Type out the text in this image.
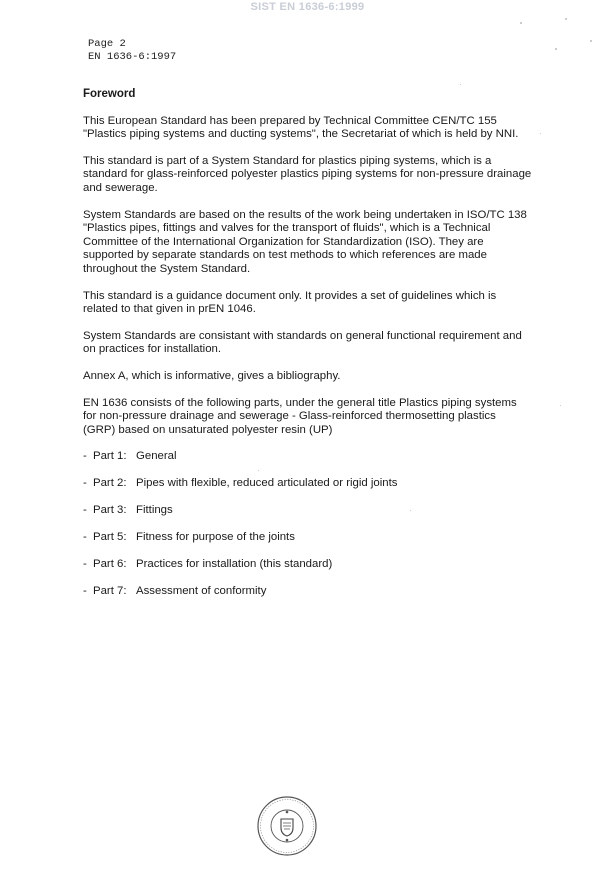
SIST EN 1636-6:1999
Page 2
EN 1636-6:1997
Foreword

This European Standard has been prepared by Technical Committee CEN/TC 155 "Plastics piping systems and ducting systems", the Secretariat of which is held by NNI.

This standard is part of a System Standard for plastics piping systems, which is a standard for glass-reinforced polyester plastics piping systems for non-pressure drainage and sewerage.

System Standards are based on the results of the work being undertaken in ISO/TC 138 "Plastics pipes, fittings and valves for the transport of fluids", which is a Technical Committee of the International Organization for Standardization (ISO). They are supported by separate standards on test methods to which references are made throughout the System Standard.

This standard is a guidance document only. It provides a set of guidelines which is related to that given in prEN 1046.

System Standards are consistant with standards on general functional requirement and on practices for installation.

Annex A, which is informative, gives a bibliography.

EN 1636 consists of the following parts, under the general title Plastics piping systems for non-pressure drainage and sewerage - Glass-reinforced thermosetting plastics (GRP) based on unsaturated polyester resin (UP)

- Part 1: General
- Part 2: Pipes with flexible, reduced articulated or rigid joints
- Part 3: Fittings
- Part 5: Fitness for purpose of the joints
- Part 6: Practices for installation (this standard)
- Part 7: Assessment of conformity
